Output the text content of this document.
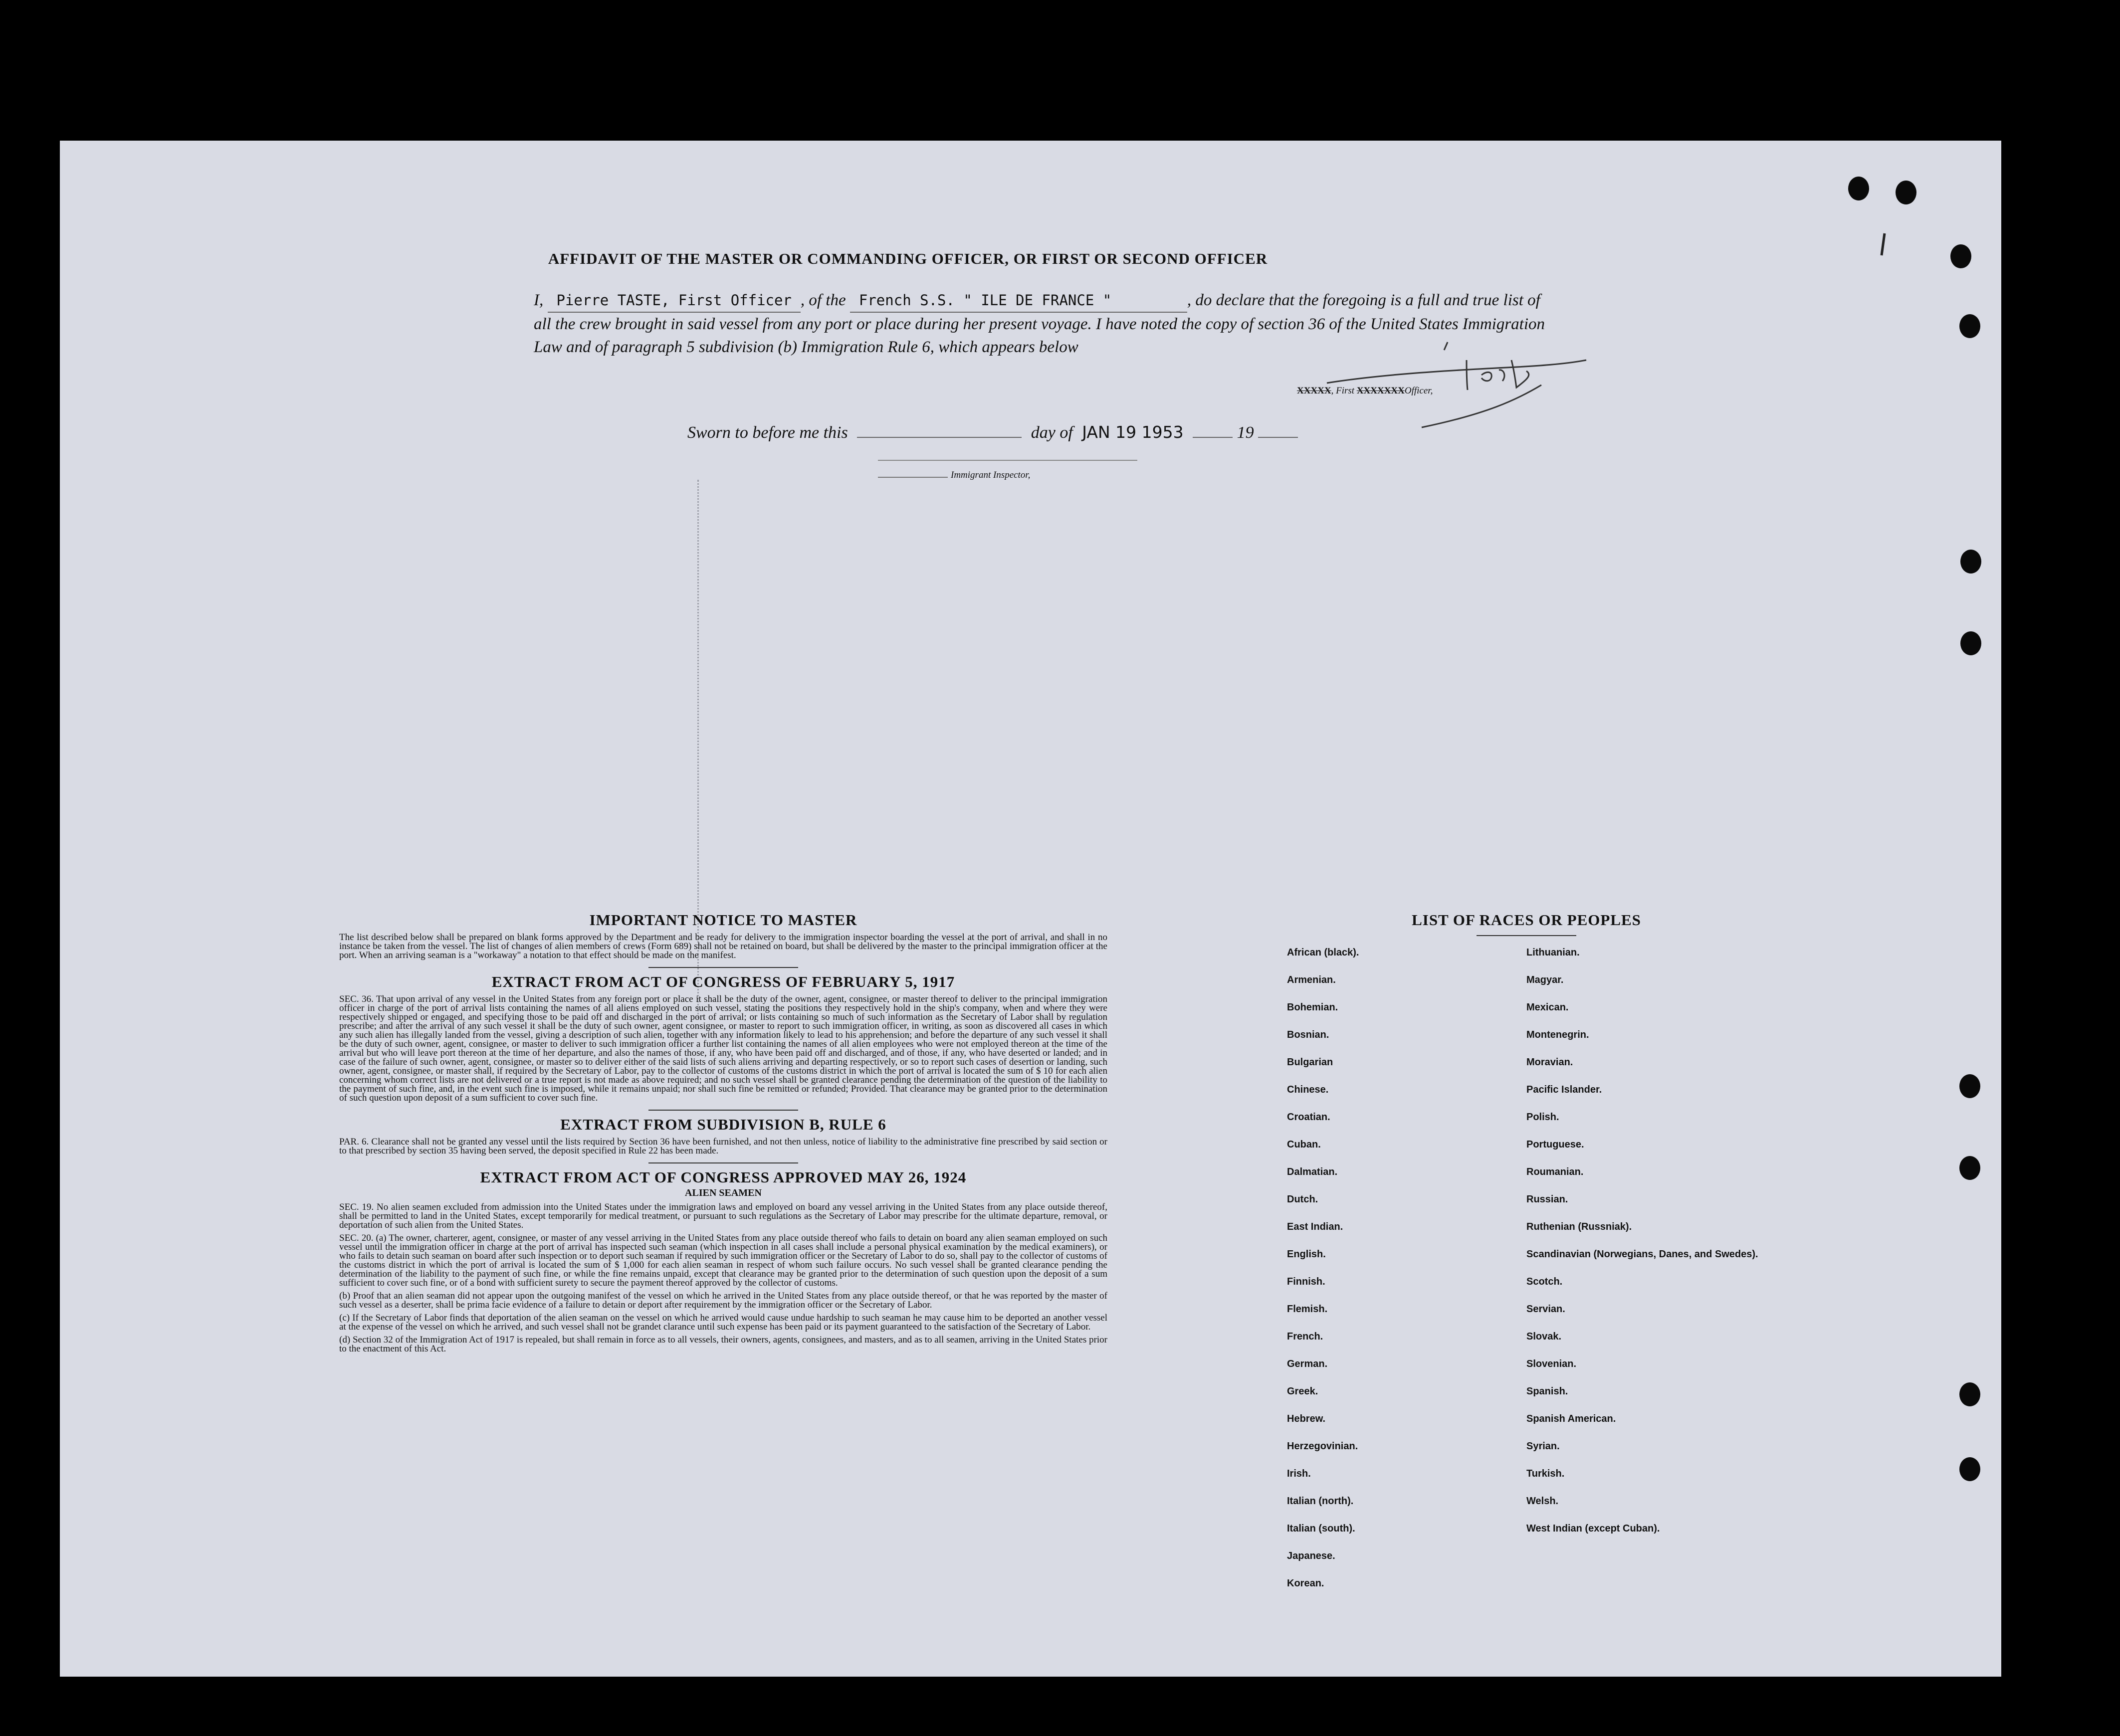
AFFIDAVIT OF THE MASTER OR COMMANDING OFFICER, OR FIRST OR SECOND OFFICER
I, Pierre TASTE, First Officer , of the French S.S. " ILE DE FRANCE "	, do declare that the foregoing is a full and true list of all the crew brought in said vessel from any port or place during her present voyage. I have noted the copy of section 36 of the United States Immigration Law and of paragraph 5 subdivision (b) Immigration Rule 6, which appears below
XXXXX, First XXXXXXXOfficer,
Sworn to before me this	day of JAN 19 1953	19
Immigrant Inspector,
IMPORTANT NOTICE TO MASTER

The list described below shall be prepared on blank forms approved by the Department and be ready for delivery to the immigration inspector boarding the vessel at the port of arrival, and shall in no instance be taken from the vessel. The list of changes of alien members of crews (Form 689) shall not be retained on board, but shall be delivered by the master to the principal immigration officer at the port. When an arriving seaman is a "workaway" a notation to that effect should be made on the manifest.

EXTRACT FROM ACT OF CONGRESS OF FEBRUARY 5, 1917

SEC. 36. That upon arrival of any vessel in the United States from any foreign port or place it shall be the duty of the owner, agent, consignee, or master thereof to deliver to the principal immigration officer in charge of the port of arrival lists containing the names of all aliens employed on such vessel, stating the positions they respectively hold in the ship's company, when and where they were respectively shipped or engaged, and specifying those to be paid off and discharged in the port of arrival; or lists containing so much of such information as the Secretary of Labor shall by regulation prescribe; and after the arrival of any such vessel it shall be the duty of such owner, agent consignee, or master to report to such immigration officer, in writing, as soon as discovered all cases in which any such alien has illegally landed from the vessel, giving a description of such alien, together with any information likely to lead to his apprehension; and before the departure of any such vessel it shall be the duty of such owner, agent, consignee, or master to deliver to such immigration officer a further list containing the names of all alien employees who were not employed thereon at the time of the arrival but who will leave port thereon at the time of her departure, and also the names of those, if any, who have been paid off and discharged, and of those, if any, who have deserted or landed; and in case of the failure of such owner, agent, consignee, or master so to deliver either of the said lists of such aliens arriving and departing respectively, or so to report such cases of desertion or landing, such owner, agent, consignee, or master shall, if required by the Secretary of Labor, pay to the collector of customs of the customs district in which the port of arrival is located the sum of $ 10 for each alien concerning whom correct lists are not delivered or a true report is not made as above required; and no such vessel shall be granted clearance pending the determination of the question of the liability to the payment of such fine, and, in the event such fine is imposed, while it remains unpaid; nor shall such fine be remitted or refunded; Provided. That clearance may be granted prior to the determination of such question upon deposit of a sum sufficient to cover such fine.

EXTRACT FROM SUBDIVISION B, RULE 6

PAR. 6. Clearance shall not be granted any vessel until the lists required by Section 36 have been furnished, and not then unless, notice of liability to the administrative fine prescribed by said section or to that prescribed by section 35 having been served, the deposit specified in Rule 22 has been made.

EXTRACT FROM ACT OF CONGRESS APPROVED MAY 26, 1924
ALIEN SEAMEN

SEC. 19. No alien seamen excluded from admission into the United States under the immigration laws and employed on board any vessel arriving in the United States from any place outside thereof, shall be permitted to land in the United States, except temporarily for medical treatment, or pursuant to such regulations as the Secretary of Labor may prescribe for the ultimate departure, removal, or deportation of such alien from the United States.

SEC. 20. (a) The owner, charterer, agent, consignee, or master of any vessel arriving in the United States from any place outside thereof who fails to detain on board any alien seaman employed on such vessel until the immigration officer in charge at the port of arrival has inspected such seaman (which inspection in all cases shall include a personal physical examination by the medical examiners), or who fails to detain such seaman on board after such inspection or to deport such seaman if required by such immigration officer or the Secretary of Labor to do so, shall pay to the collector of customs of the customs district in which the port of arrival is located the sum of $ 1,000 for each alien seaman in respect of whom such failure occurs. No such vessel shall be granted clearance pending the determination of the liability to the payment of such fine, or while the fine remains unpaid, except that clearance may be granted prior to the determination of such question upon the deposit of a sum sufficient to cover such fine, or of a bond with sufficient surety to secure the payment thereof approved by the collector of customs.

(b) Proof that an alien seaman did not appear upon the outgoing manifest of the vessel on which he arrived in the United States from any place outside thereof, or that he was reported by the master of such vessel as a deserter, shall be prima facie evidence of a failure to detain or deport after requirement by the immigration officer or the Secretary of Labor.

(c) If the Secretary of Labor finds that deportation of the alien seaman on the vessel on which he arrived would cause undue hardship to such seaman he may cause him to be deported an another vessel at the expense of the vessel on which he arrived, and such vessel shall not be grandet clarance until such expense has been paid or its payment guaranteed to the satisfaction of the Secretary of Labor.

(d) Section 32 of the Immigration Act of 1917 is repealed, but shall remain in force as to all vessels, their owners, agents, consignees, and masters, and as to all seamen, arriving in the United States prior to the enactment of this Act.

LIST OF RACES OR PEOPLES
African (black).
Armenian.
Bohemian.
Bosnian.
Bulgarian
Chinese.
Croatian.
Cuban.
Dalmatian.
Dutch.
East Indian.
English.
Finnish.
Flemish.
French.
German.
Greek.
Hebrew.
Herzegovinian.
Irish.
Italian (north).
Italian (south).
Japanese.
Korean.
Lithuanian.
Magyar.
Mexican.
Montenegrin.
Moravian.
Pacific Islander.
Polish.
Portuguese.
Roumanian.
Russian.
Ruthenian (Russniak).
Scandinavian (Norwegians, Danes, and Swedes).
Scotch.
Servian.
Slovak.
Slovenian.
Spanish.
Spanish American.
Syrian.
Turkish.
Welsh.
West Indian (except Cuban).
